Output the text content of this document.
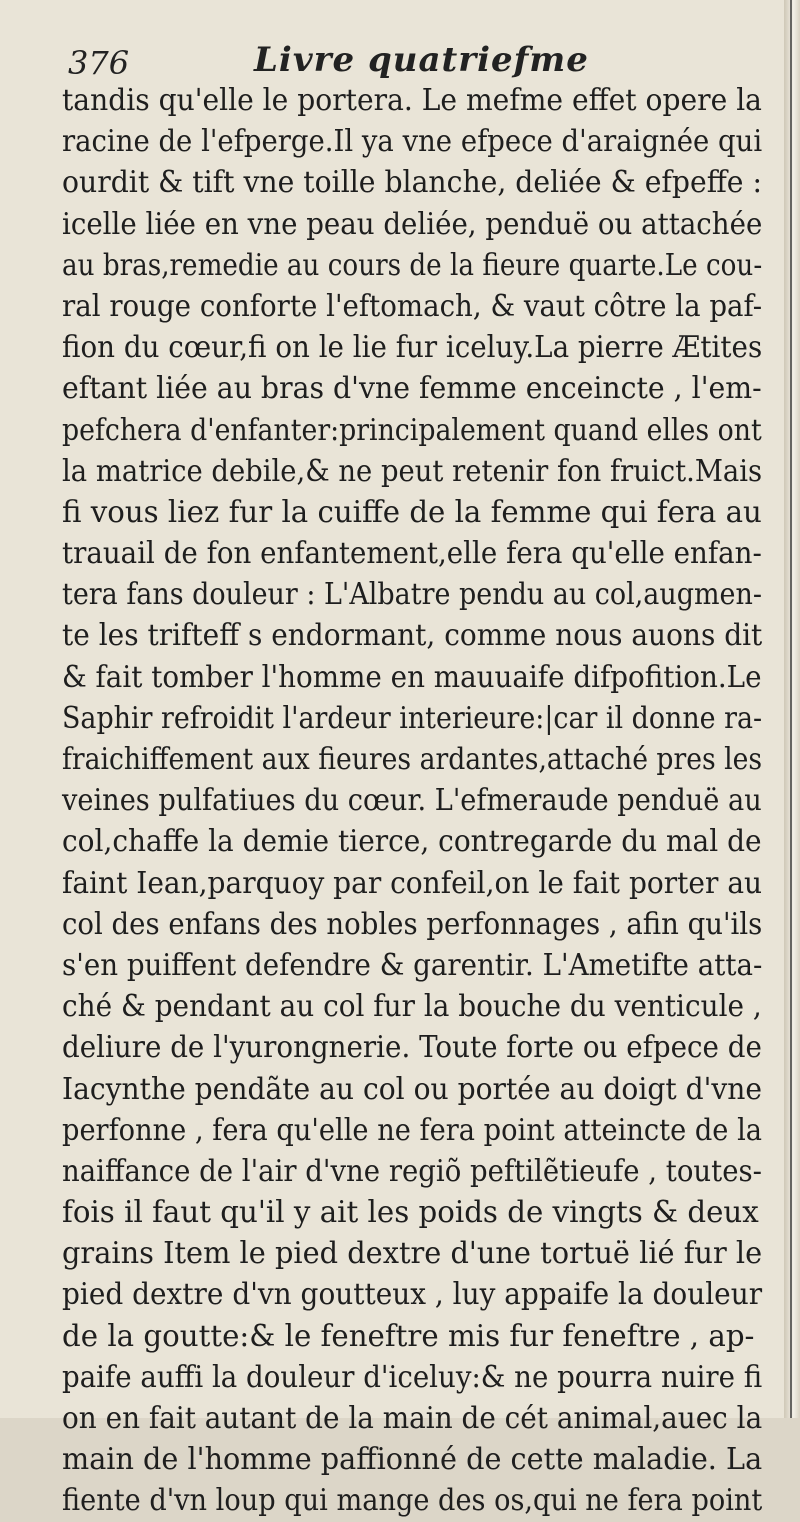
376	Livre quatriefme
tandis qu'elle le portera. Le mefme effet opere la
racine de l'efperge.Il ya vne efpece d'araignée qui
ourdit & tift vne toille blanche, deliée & efpeffe :
icelle liée en vne peau deliée, penduë ou attachée
au bras,remedie au cours de la fieure quarte.Le cou-
ral rouge conforte l'eftomach, & vaut côtre la paf-
fion du cœur,fi on le lie fur iceluy.La pierre Ætites
eftant liée au bras d'vne femme enceincte , l'em-
pefchera d'enfanter:principalement quand elles ont
la matrice debile,& ne peut retenir fon fruict.Mais
fi vous liez fur la cuiffe de la femme qui fera au
trauail de fon enfantement,elle fera qu'elle enfan-
tera fans douleur : L'Albatre pendu au col,augmen-
te les trifteff s endormant, comme nous auons dit
& fait tomber l'homme en mauuaife difpofition.Le
Saphir refroidit l'ardeur interieure:|car il donne ra-
fraichiffement aux fieures ardantes,attaché pres les
veines pulfatiues du cœur. L'efmeraude penduë au
col,chaffe la demie tierce, contregarde du mal de
faint Iean,parquoy par confeil,on le fait porter au
col des enfans des nobles perfonnages , afin qu'ils
s'en puiffent defendre & garentir. L'Ametifte atta-
ché & pendant au col fur la bouche du venticule ,
deliure de l'yurongnerie. Toute forte ou efpece de
Iacynthe pendãte au col ou portée au doigt d'vne
perfonne , fera qu'elle ne fera point atteincte de la
naiffance de l'air d'vne regiõ peftilẽtieufe , toutes-
fois il faut qu'il y ait les poids de vingts & deux
grains Item le pied dextre d'une tortuë lié fur le
pied dextre d'vn goutteux , luy appaife la douleur
de la goutte:& le feneftre mis fur feneftre , ap-
paife auffi la douleur d'iceluy:& ne pourra nuire fi
on en fait autant de la main de cét animal,auec la
main de l'homme paffionné de cette maladie. La
fiente d'vn loup qui mange des os,qui ne fera point
